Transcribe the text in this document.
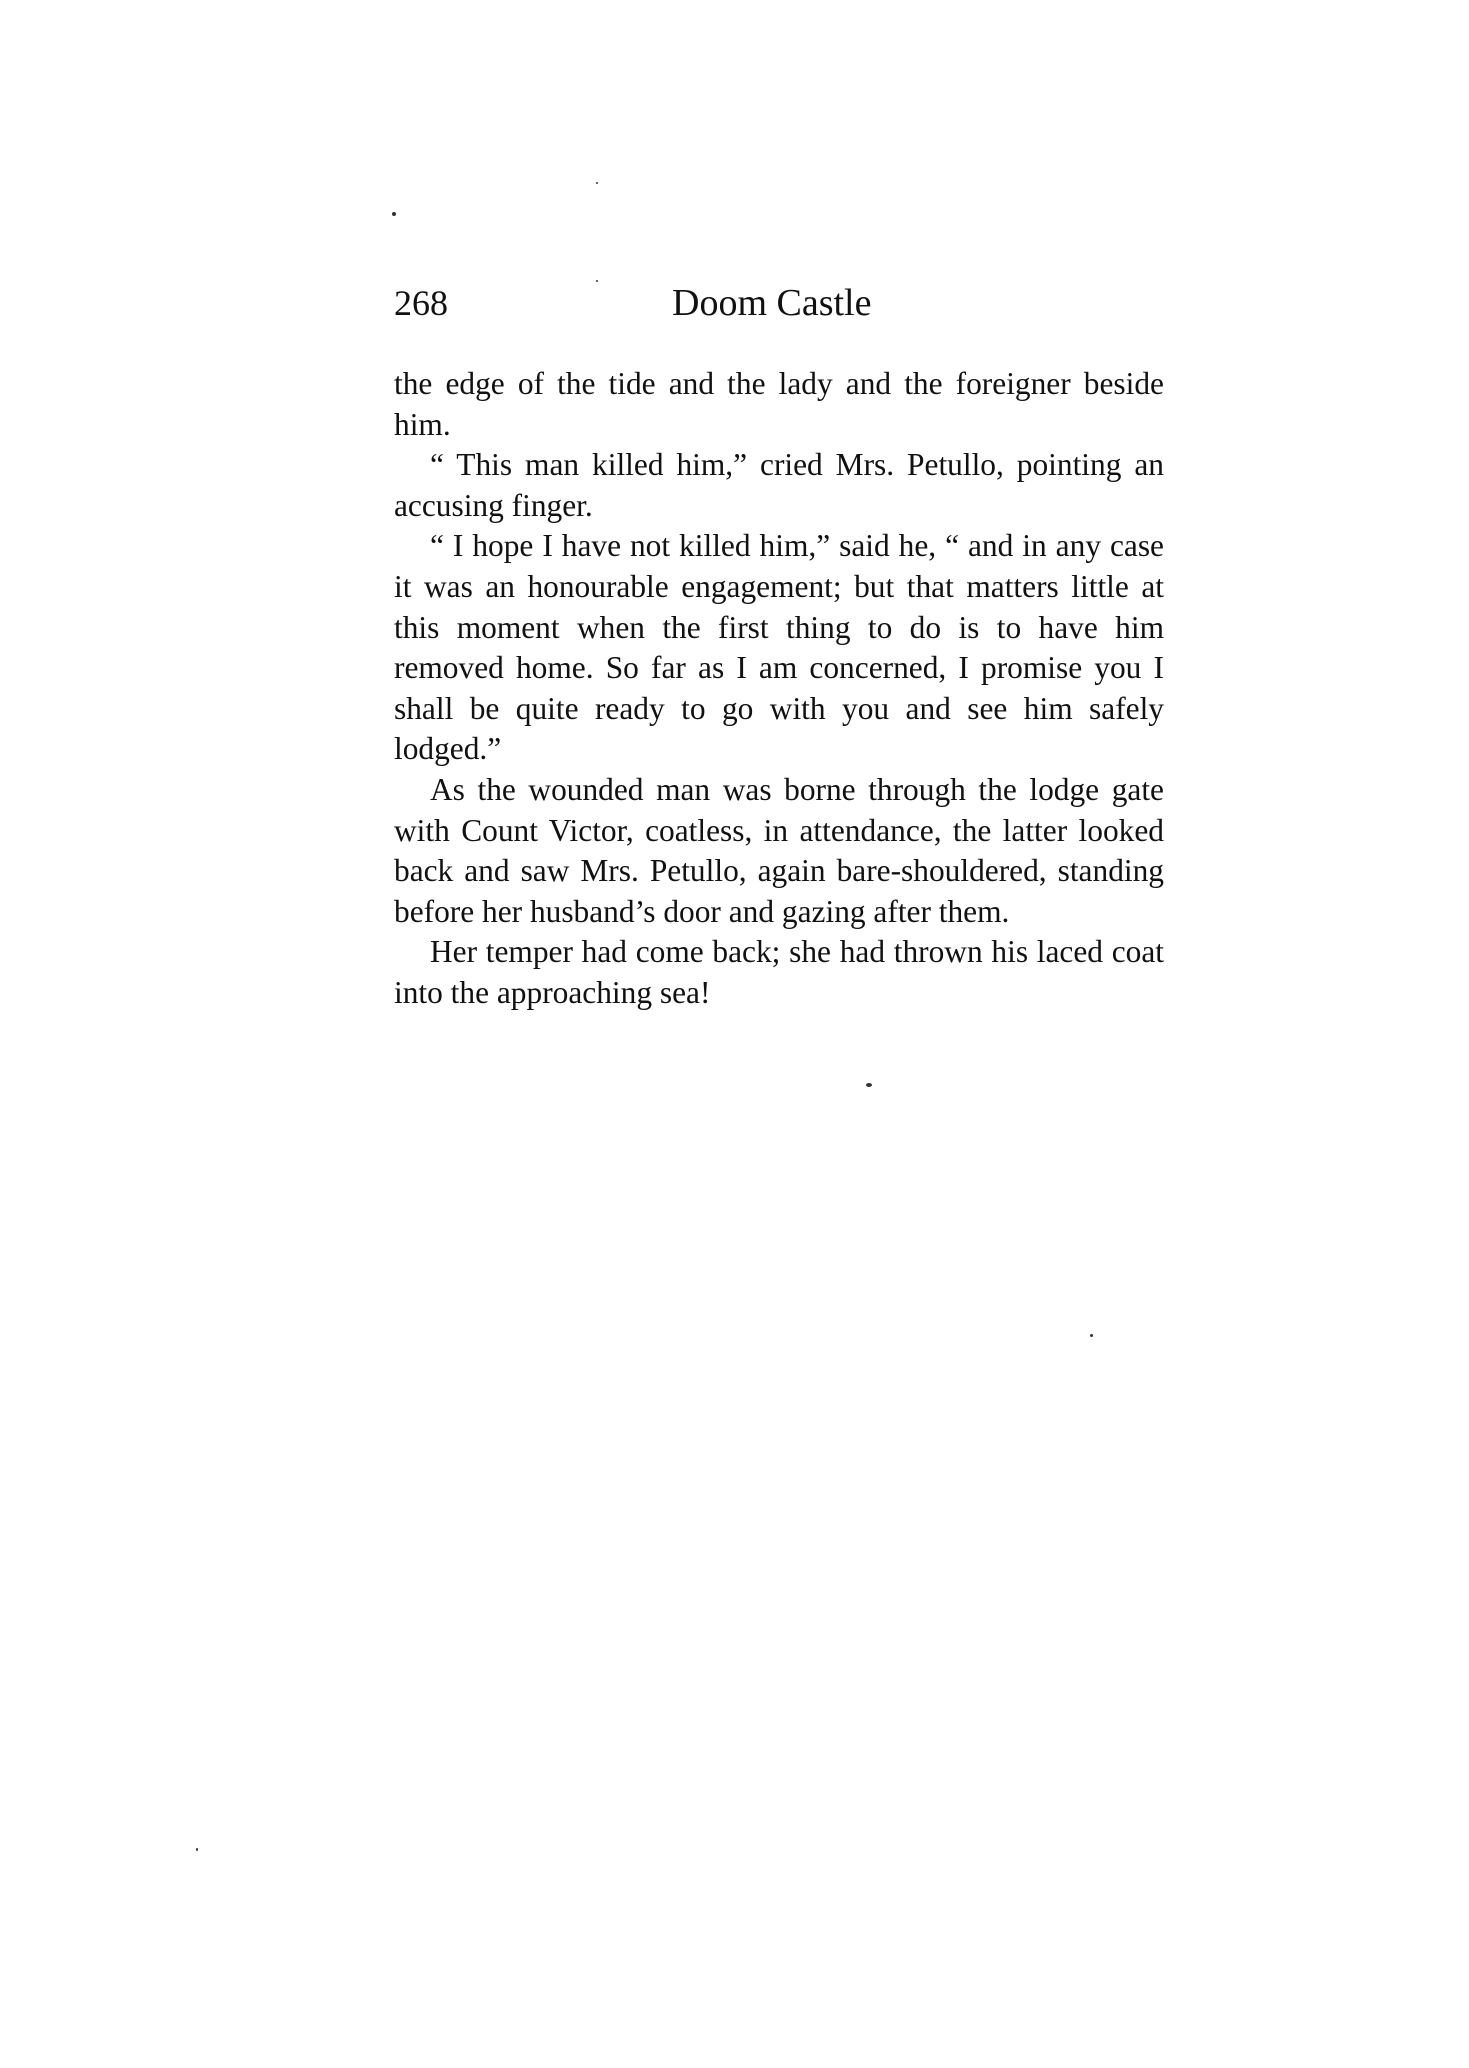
268	Doom Castle

the edge of the tide and the lady and the foreigner beside him.

“ This man killed him,” cried Mrs. Petullo, pointing an accusing finger.

“ I hope I have not killed him,” said he, “ and in any case it was an honourable engagement; but that matters little at this moment when the first thing to do is to have him removed home. So far as I am concerned, I promise you I shall be quite ready to go with you and see him safely lodged.”

As the wounded man was borne through the lodge gate with Count Victor, coatless, in attendance, the latter looked back and saw Mrs. Petullo, again bare-shouldered, standing before her husband’s door and gazing after them.

Her temper had come back; she had thrown his laced coat into the approaching sea!
